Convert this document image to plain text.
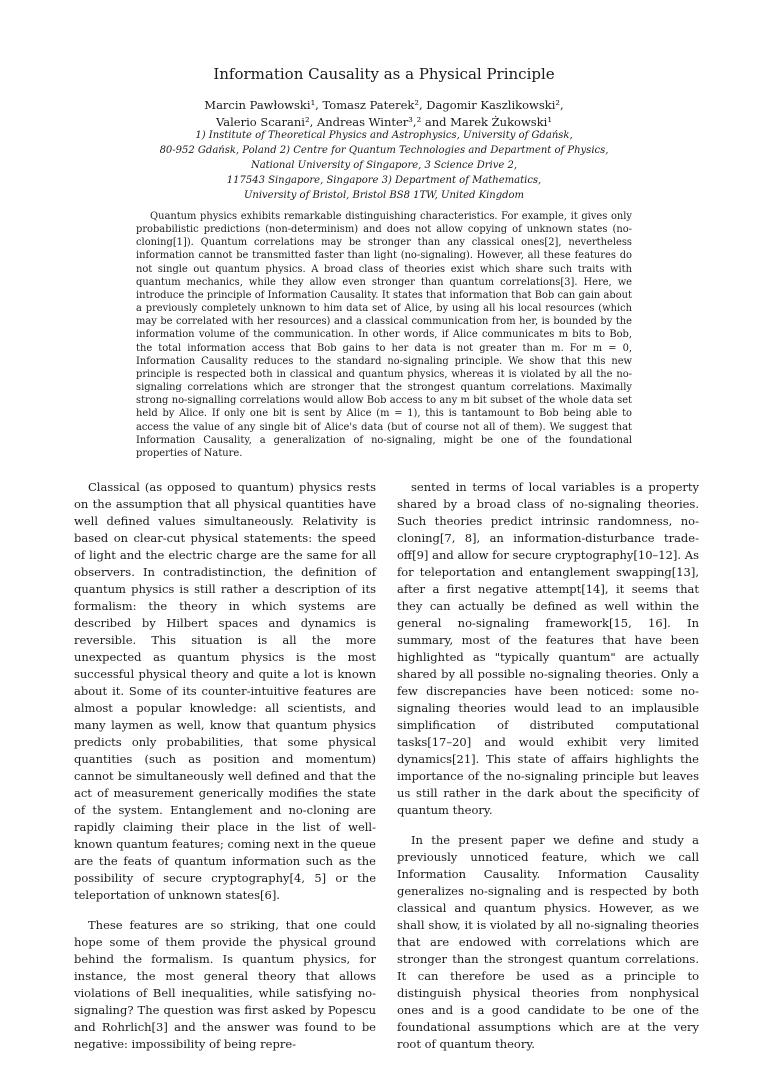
Information Causality as a Physical Principle
Marcin Pawłowski¹, Tomasz Paterek², Dagomir Kaszlikowski²,
Valerio Scarani², Andreas Winter³,² and Marek Żukowski¹
1) Institute of Theoretical Physics and Astrophysics, University of Gdańsk,
80-952 Gdańsk, Poland 2) Centre for Quantum Technologies and Department of Physics,
National University of Singapore, 3 Science Drive 2,
117543 Singapore, Singapore 3) Department of Mathematics,
University of Bristol, Bristol BS8 1TW, United Kingdom

Quantum physics exhibits remarkable distinguishing characteristics. For example, it gives only probabilistic predictions (non-determinism) and does not allow copying of unknown states (no-cloning[1]). Quantum correlations may be stronger than any classical ones[2], nevertheless information cannot be transmitted faster than light (no-signaling). However, all these features do not single out quantum physics. A broad class of theories exist which share such traits with quantum mechanics, while they allow even stronger than quantum correlations[3]. Here, we introduce the principle of Information Causality. It states that information that Bob can gain about a previously completely unknown to him data set of Alice, by using all his local resources (which may be correlated with her resources) and a classical communication from her, is bounded by the information volume of the communication. In other words, if Alice communicates m bits to Bob, the total information access that Bob gains to her data is not greater than m. For m = 0, Information Causality reduces to the standard no-signaling principle. We show that this new principle is respected both in classical and quantum physics, whereas it is violated by all the no-signaling correlations which are stronger that the strongest quantum correlations. Maximally strong no-signalling correlations would allow Bob access to any m bit subset of the whole data set held by Alice. If only one bit is sent by Alice (m = 1), this is tantamount to Bob being able to access the value of any single bit of Alice's data (but of course not all of them). We suggest that Information Causality, a generalization of no-signaling, might be one of the foundational properties of Nature.

Classical (as opposed to quantum) physics rests on the assumption that all physical quantities have well defined values simultaneously. Relativity is based on clear-cut physical statements: the speed of light and the electric charge are the same for all observers. In contradistinction, the definition of quantum physics is still rather a description of its formalism: the theory in which systems are described by Hilbert spaces and dynamics is reversible. This situation is all the more unexpected as quantum physics is the most successful physical theory and quite a lot is known about it. Some of its counter-intuitive features are almost a popular knowledge: all scientists, and many laymen as well, know that quantum physics predicts only probabilities, that some physical quantities (such as position and momentum) cannot be simultaneously well defined and that the act of measurement generically modifies the state of the system. Entanglement and no-cloning are rapidly claiming their place in the list of well-known quantum features; coming next in the queue are the feats of quantum information such as the possibility of secure cryptography[4, 5] or the teleportation of unknown states[6].

These features are so striking, that one could hope some of them provide the physical ground behind the formalism. Is quantum physics, for instance, the most general theory that allows violations of Bell inequalities, while satisfying no-signaling? The question was first asked by Popescu and Rohrlich[3] and the answer was found to be negative: impossibility of being repre-

sented in terms of local variables is a property shared by a broad class of no-signaling theories. Such theories predict intrinsic randomness, no-cloning[7, 8], an information-disturbance trade-off[9] and allow for secure cryptography[10–12]. As for teleportation and entanglement swapping[13], after a first negative attempt[14], it seems that they can actually be defined as well within the general no-signaling framework[15, 16]. In summary, most of the features that have been highlighted as "typically quantum" are actually shared by all possible no-signaling theories. Only a few discrepancies have been noticed: some no-signaling theories would lead to an implausible simplification of distributed computational tasks[17–20] and would exhibit very limited dynamics[21]. This state of affairs highlights the importance of the no-signaling principle but leaves us still rather in the dark about the specificity of quantum theory.

In the present paper we define and study a previously unnoticed feature, which we call Information Causality. Information Causality generalizes no-signaling and is respected by both classical and quantum physics. However, as we shall show, it is violated by all no-signaling theories that are endowed with correlations which are stronger than the strongest quantum correlations. It can therefore be used as a principle to distinguish physical theories from nonphysical ones and is a good candidate to be one of the foundational assumptions which are at the very root of quantum theory.
